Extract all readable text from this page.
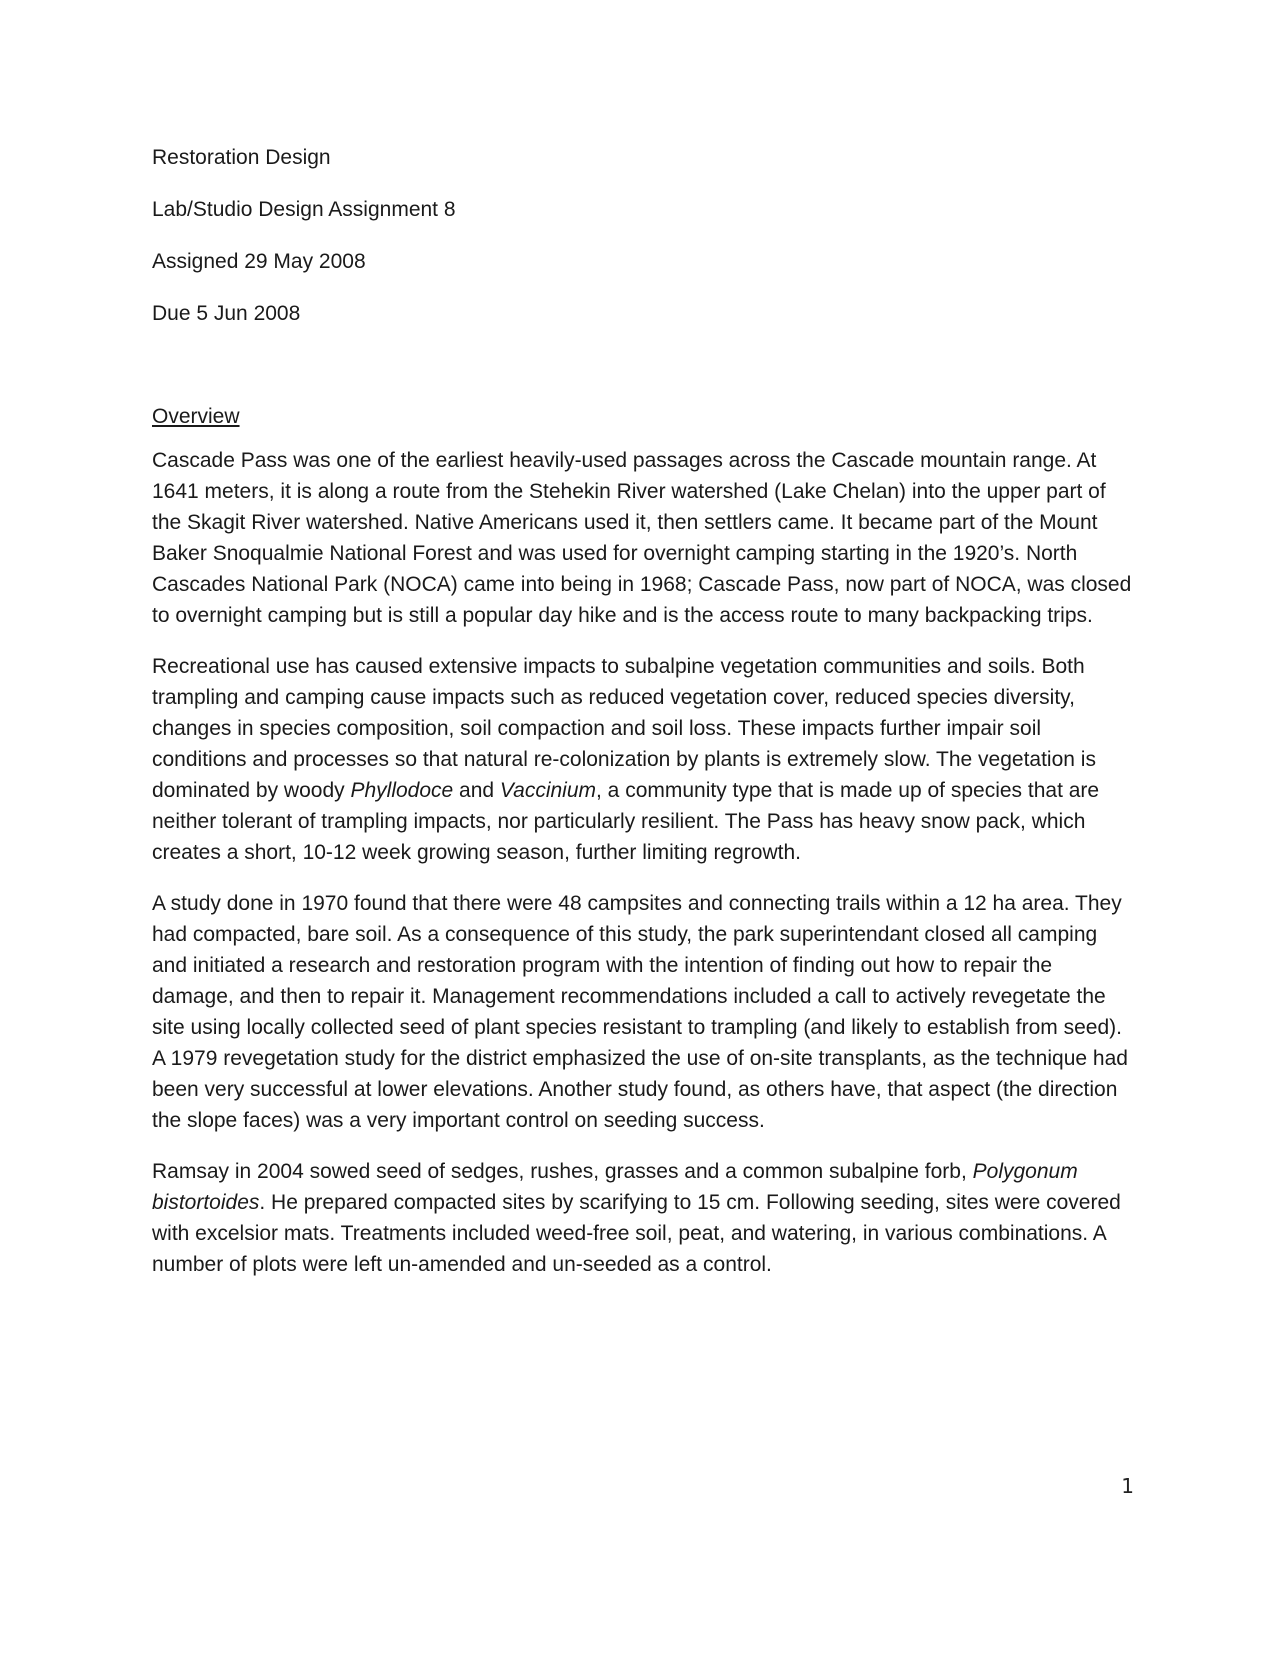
Restoration Design

Lab/Studio Design Assignment 8

Assigned 29 May 2008

Due 5 Jun 2008

Overview

Cascade Pass was one of the earliest heavily-used passages across the Cascade mountain range. At 1641 meters, it is along a route from the Stehekin River watershed (Lake Chelan) into the upper part of the Skagit River watershed. Native Americans used it, then settlers came. It became part of the Mount Baker Snoqualmie National Forest and was used for overnight camping starting in the 1920’s. North Cascades National Park (NOCA) came into being in 1968; Cascade Pass, now part of NOCA, was closed to overnight camping but is still a popular day hike and is the access route to many backpacking trips.

Recreational use has caused extensive impacts to subalpine vegetation communities and soils. Both trampling and camping cause impacts such as reduced vegetation cover, reduced species diversity, changes in species composition, soil compaction and soil loss. These impacts further impair soil conditions and processes so that natural re-colonization by plants is extremely slow. The vegetation is dominated by woody Phyllodoce and Vaccinium, a community type that is made up of species that are neither tolerant of trampling impacts, nor particularly resilient. The Pass has heavy snow pack, which creates a short, 10-12 week growing season, further limiting regrowth.

A study done in 1970 found that there were 48 campsites and connecting trails within a 12 ha area. They had compacted, bare soil. As a consequence of this study, the park superintendant closed all camping and initiated a research and restoration program with the intention of finding out how to repair the damage, and then to repair it. Management recommendations included a call to actively revegetate the site using locally collected seed of plant species resistant to trampling (and likely to establish from seed). A 1979 revegetation study for the district emphasized the use of on-site transplants, as the technique had been very successful at lower elevations. Another study found, as others have, that aspect (the direction the slope faces) was a very important control on seeding success.

Ramsay in 2004 sowed seed of sedges, rushes, grasses and a common subalpine forb, Polygonum bistortoides. He prepared compacted sites by scarifying to 15 cm. Following seeding, sites were covered with excelsior mats. Treatments included weed-free soil, peat, and watering, in various combinations. A number of plots were left un-amended and un-seeded as a control.

1
